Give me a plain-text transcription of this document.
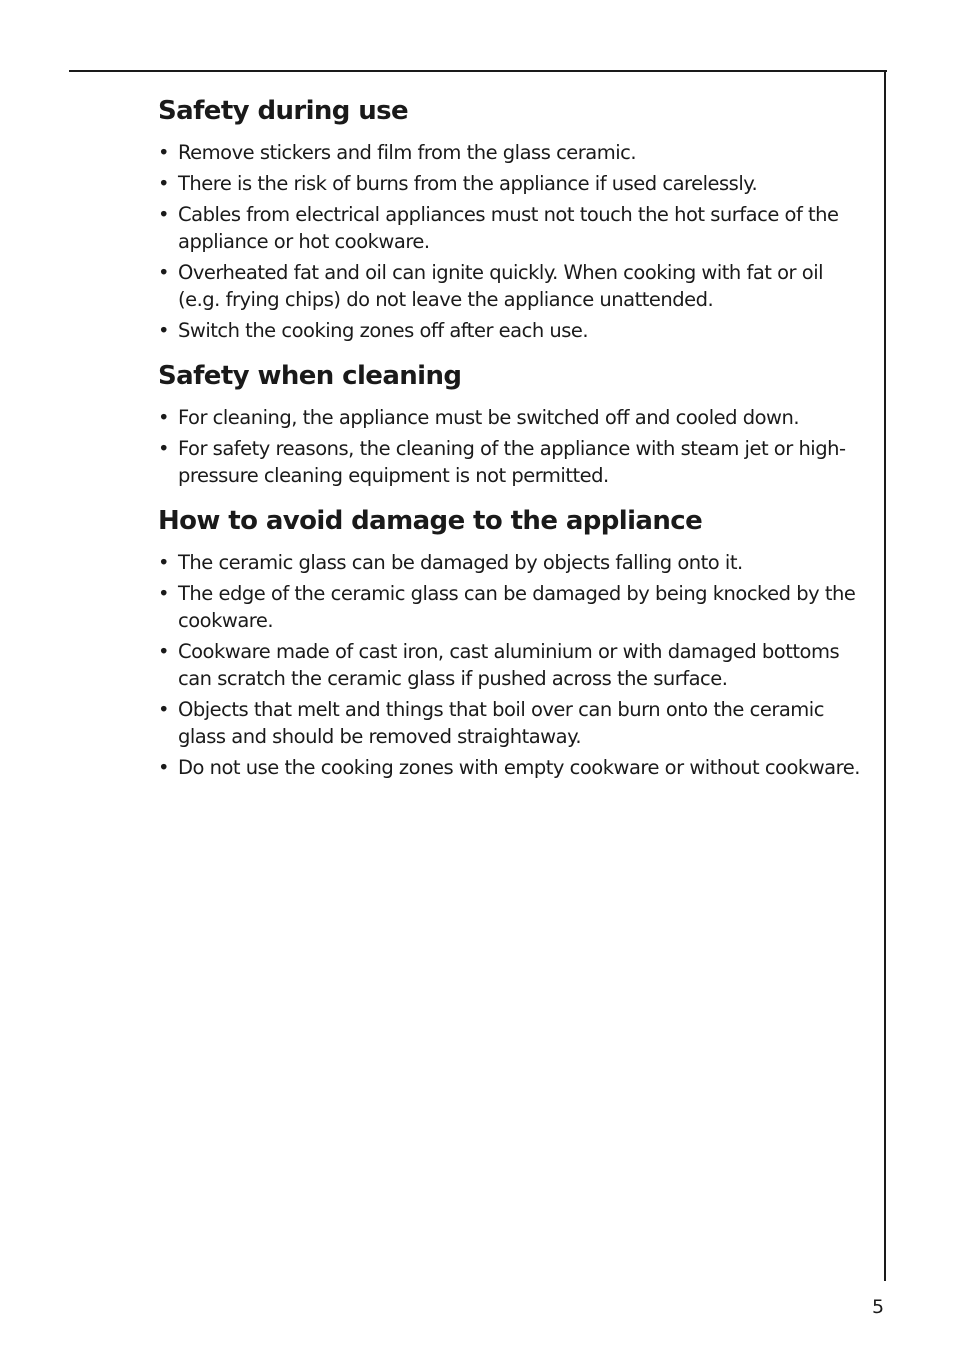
Safety during use
• Remove stickers and film from the glass ceramic.
• There is the risk of burns from the appliance if used carelessly.
• Cables from electrical appliances must not touch the hot surface of the appliance or hot cookware.
• Overheated fat and oil can ignite quickly. When cooking with fat or oil (e.g. frying chips) do not leave the appliance unattended.
• Switch the cooking zones off after each use.
Safety when cleaning
• For cleaning, the appliance must be switched off and cooled down.
• For safety reasons, the cleaning of the appliance with steam jet or high-pressure cleaning equipment is not permitted.
How to avoid damage to the appliance
• The ceramic glass can be damaged by objects falling onto it.
• The edge of the ceramic glass can be damaged by being knocked by the cookware.
• Cookware made of cast iron, cast aluminium or with damaged bottoms can scratch the ceramic glass if pushed across the surface.
• Objects that melt and things that boil over can burn onto the ceramic glass and should be removed straightaway.
• Do not use the cooking zones with empty cookware or without cookware.
5
